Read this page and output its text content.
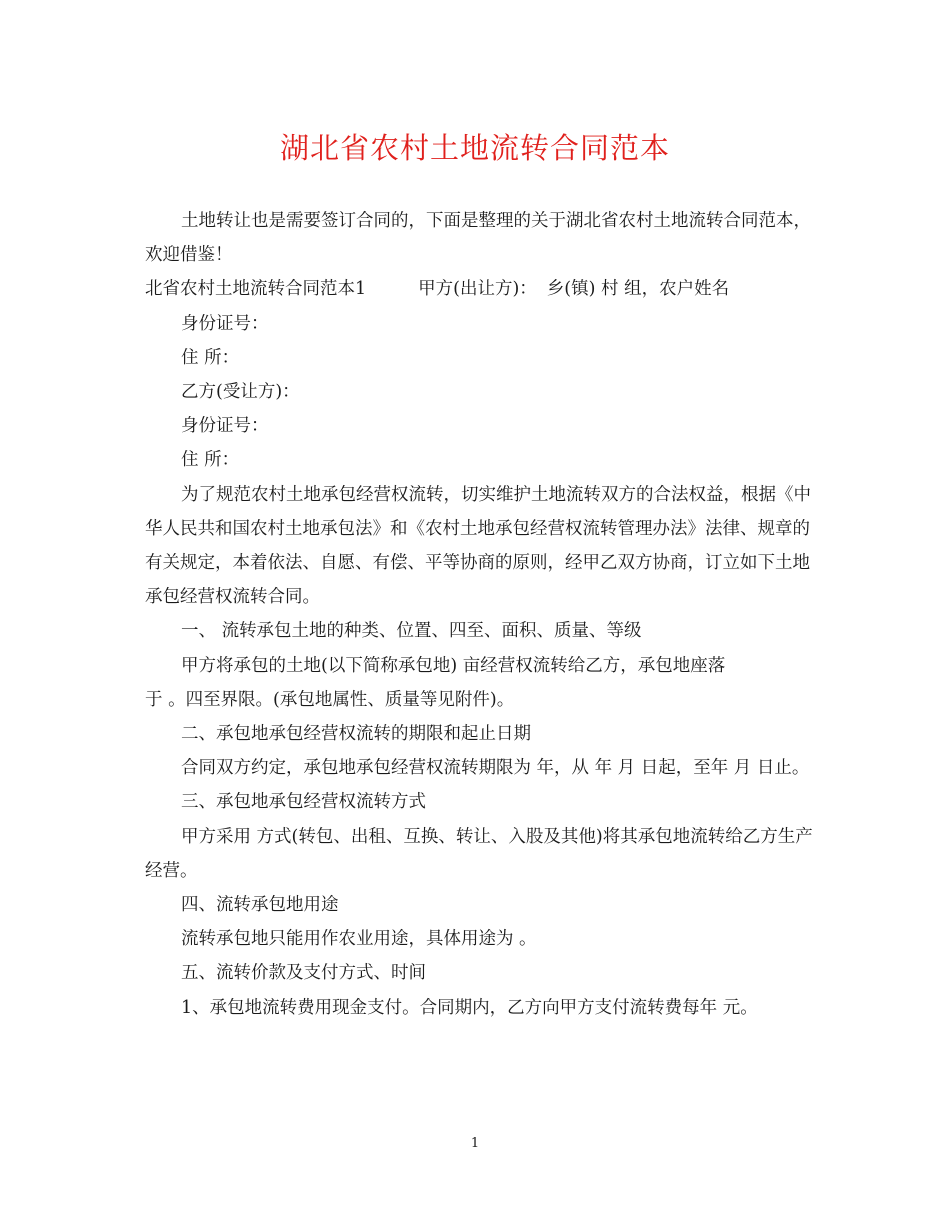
湖北省农村土地流转合同范本

土地转让也是需要签订合同的，下面是整理的关于湖北省农村土地流转合同范本，欢迎借鉴！

北省农村土地流转合同范本1	甲方(出让方)： 乡(镇) 村 组，农户姓名

身份证号：

住 所：

乙方(受让方)：

身份证号：

住 所：

为了规范农村土地承包经营权流转，切实维护土地流转双方的合法权益，根据《中华人民共和国农村土地承包法》和《农村土地承包经营权流转管理办法》法律、规章的有关规定，本着依法、自愿、有偿、平等协商的原则，经甲乙双方协商，订立如下土地承包经营权流转合同。

一、 流转承包土地的种类、位置、四至、面积、质量、等级

甲方将承包的土地(以下简称承包地) 亩经营权流转给乙方，承包地座落

于 。四至界限。(承包地属性、质量等见附件)。

二、承包地承包经营权流转的期限和起止日期

合同双方约定，承包地承包经营权流转期限为 年，从 年 月 日起，至年 月 日止。

三、承包地承包经营权流转方式

甲方采用 方式(转包、出租、互换、转让、入股及其他)将其承包地流转给乙方生产经营。

四、流转承包地用途

流转承包地只能用作农业用途，具体用途为 。

五、流转价款及支付方式、时间

1、承包地流转费用现金支付。合同期内，乙方向甲方支付流转费每年 元。

1
